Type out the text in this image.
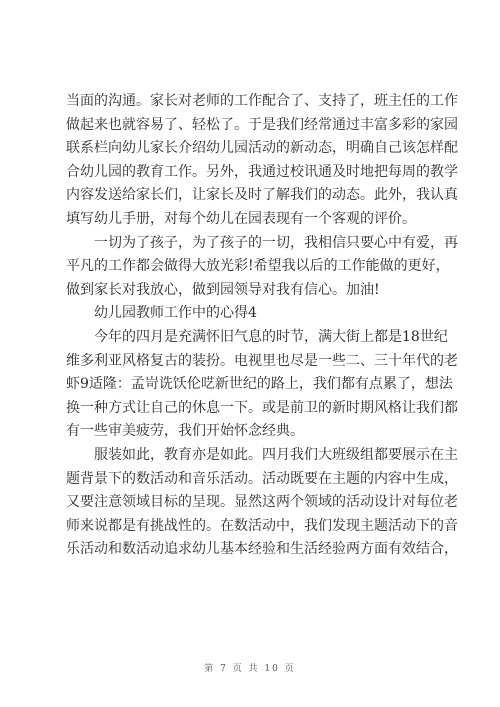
当面的沟通。家长对老师的工作配合了、支持了，班主任的工作
做起来也就容易了、轻松了。于是我们经常通过丰富多彩的家园
联系栏向幼儿家长介绍幼儿园活动的新动态，明确自己该怎样配
合幼儿园的教育工作。另外，我通过校讯通及时地把每周的教学
内容发送给家长们，让家长及时了解我们的动态。此外，我认真
填写幼儿手册，对每个幼儿在园表现有一个客观的评价。
一切为了孩子，为了孩子的一切，我相信只要心中有爱，再
平凡的工作都会做得大放光彩!希望我以后的工作能做的更好，
做到家长对我放心，做到园领导对我有信心。加油!
幼儿园教师工作中的心得4
今年的四月是充满怀旧气息的时节，满大街上都是18世纪
维多利亚风格复古的装扮。电视里也尽是一些二、三十年代的老
虾9适隆：孟岢诜饫伦呓新世纪的路上，我们都有点累了，想法
换一种方式让自己的休息一下。或是前卫的新时期风格让我们都
有一些审美疲劳，我们开始怀念经典。
服装如此，教育亦是如此。四月我们大班级组都要展示在主
题背景下的数活动和音乐活动。活动既要在主题的内容中生成，
又要注意领域目标的呈现。显然这两个领域的活动设计对每位老
师来说都是有挑战性的。在数活动中，我们发现主题活动下的音
乐活动和数活动追求幼儿基本经验和生活经验两方面有效结合，
第 7 页 共 10 页
